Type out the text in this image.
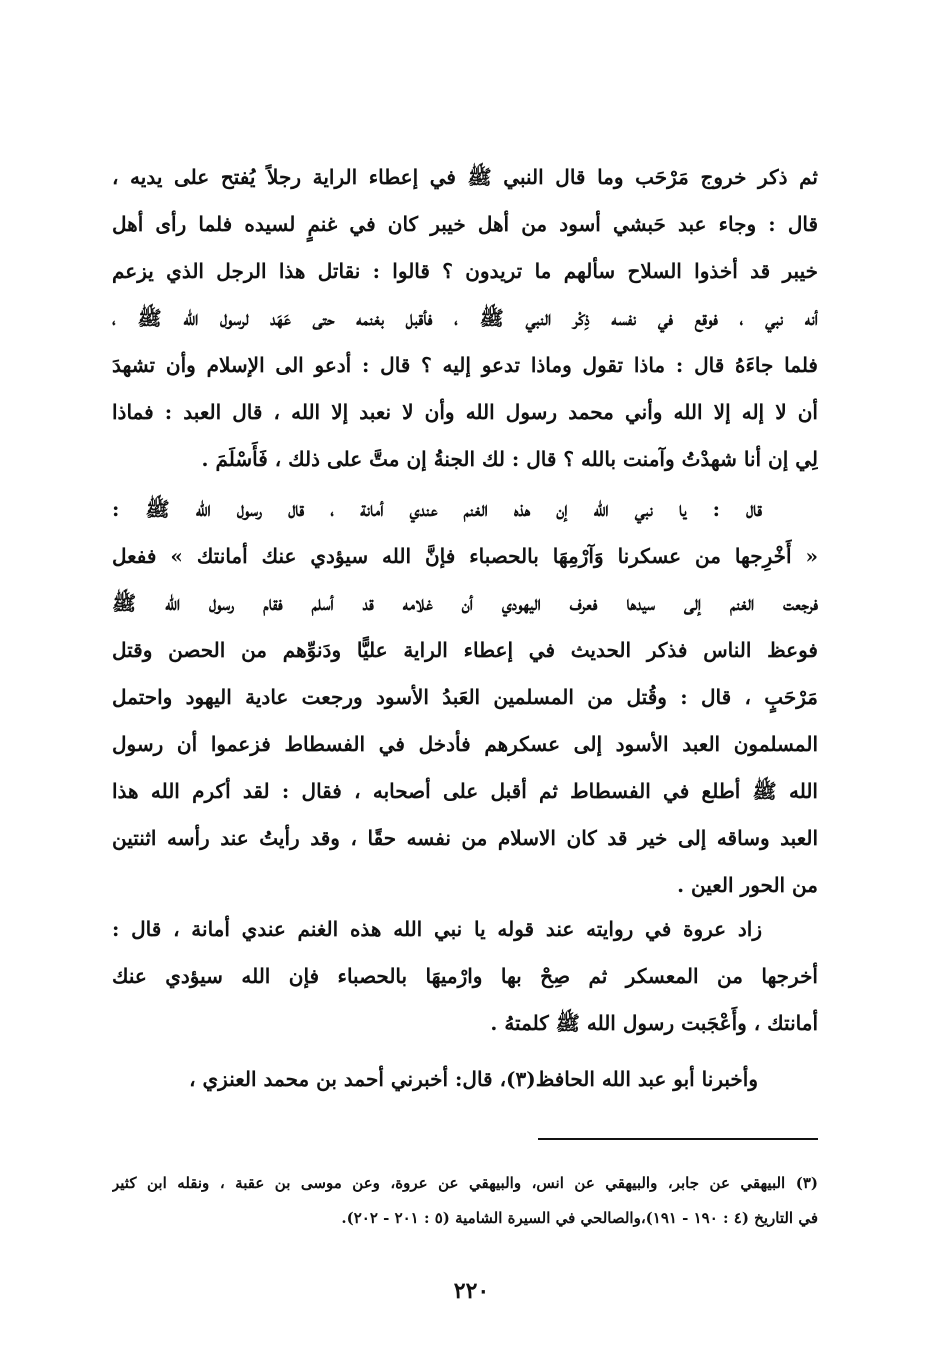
ثم ذكر خروج مَرْحَب وما قال النبي ﷺ في إعطاء الراية رجلاً يُفتح على يديه ،
قال : وجاء عبد حَبشي أسود من أهل خيبر كان في غنمٍ لسيده فلما رأى أهل
خيبر قد أخذوا السلاح سألهم ما تريدون ؟ قالوا : نقاتل هذا الرجل الذي يزعم
أنه نبي ، فوقع في نفسه ذِكْر النبي ﷺ ، فأقبل بغنمه حتى عَهَد لرسول الله ﷺ ،
فلما جاءَهُ قال : ماذا تقول وماذا تدعو إليه ؟ قال : أدعو الى الإسلام وأن تشهدَ
أن لا إله إلا الله وأني محمد رسول الله وأن لا نعبد إلا الله ، قال العبد : فماذا
لِي إن أنا شهدْتُ وآمنت بالله ؟ قال : لك الجنةُ إن متَّ على ذلك ، فَأَسْلَمَ .
قال : يا نبي الله إن هذه الغنم عندي أمانة ، قال رسول الله ﷺ :
« أَخْرِجها من عسكرنا وَآرْمِهَا بالحصباء فإنَّ الله سيؤدي عنك أمانتك » ففعل
فرجعت الغنم إلى سيدها فعرف اليهودي أن غلامه قد أسلم فقام رسول الله ﷺ
فوعظ الناس فذكر الحديث في إعطاء الراية عليًّا ودَنوِّهم من الحصن وقتل
مَرْحَبٍ ، قال : وقُتل من المسلمين العَبدُ الأسود ورجعت عادية اليهود واحتمل
المسلمون العبد الأسود إلى عسكرهم فأدخل في الفسطاط فزعموا أن رسول
الله ﷺ أطلع في الفسطاط ثم أقبل على أصحابه ، فقال : لقد أكرم الله هذا
العبد وساقه إلى خير قد كان الاسلام من نفسه حقًا ، وقد رأيتُ عند رأسه اثنتين
من الحور العين .
زاد عروة في روايته عند قوله يا نبي الله هذه الغنم عندي أمانة ، قال :
أخرجها من المعسكر ثم صِحْ بها وارْميهَا بالحصباء فإن الله سيؤدي عنك
أمانتك ، وأَعْجَبت رسول الله ﷺ كلمتهُ .
وأخبرنا أبو عبد الله الحافظ(٣)، قال: أخبرني أحمد بن محمد العنزي ،
(٣) البيهقي عن جابر، والبيهقي عن انس، والبيهقي عن عروة، وعن موسى بن عقبة ، ونقله ابن كثير
في التاريخ (٤ : ١٩٠ - ١٩١)،والصالحي في السيرة الشامية (٥ : ٢٠١ - ٢٠٢).
٢٢٠
